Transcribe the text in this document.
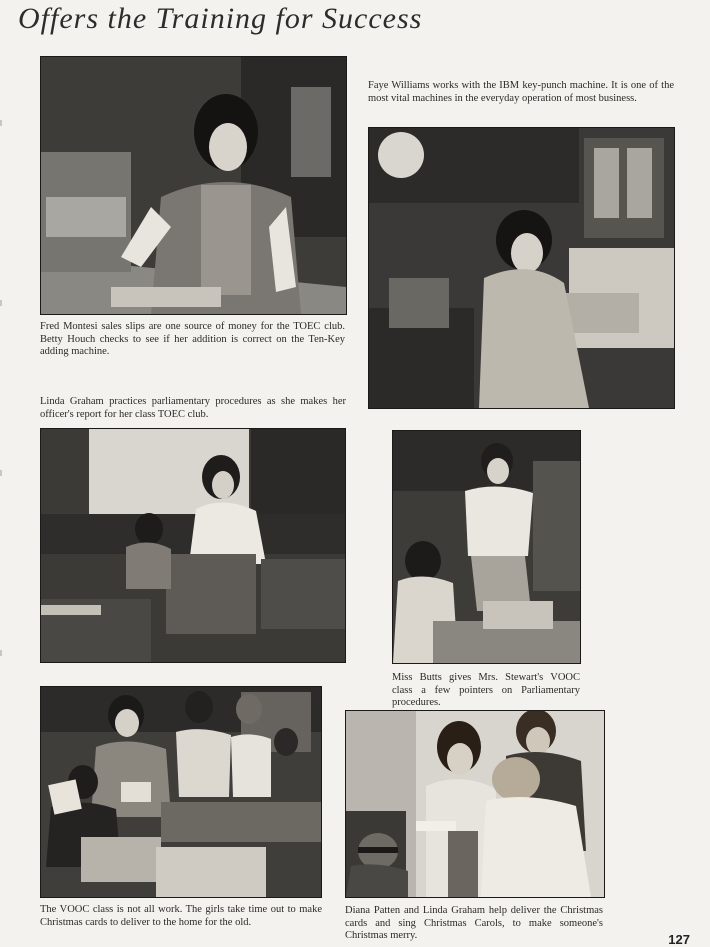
Offers the Training for Success

Fred Montesi sales slips are one source of money for the TOEC club. Betty Houch checks to see if her addition is correct on the Ten-Key adding machine.

Faye Williams works with the IBM key-punch machine. It is one of the most vital machines in the everyday operation of most business.

Linda Graham practices parliamentary procedures as she makes her officer's report for her class TOEC club.

Miss Butts gives Mrs. Stewart's VOOC class a few pointers on Parliamentary procedures.

The VOOC class is not all work. The girls take time out to make Christmas cards to deliver to the home for the old.

Diana Patten and Linda Graham help deliver the Christmas cards and sing Christmas Carols, to make someone's Christmas merry.	127
